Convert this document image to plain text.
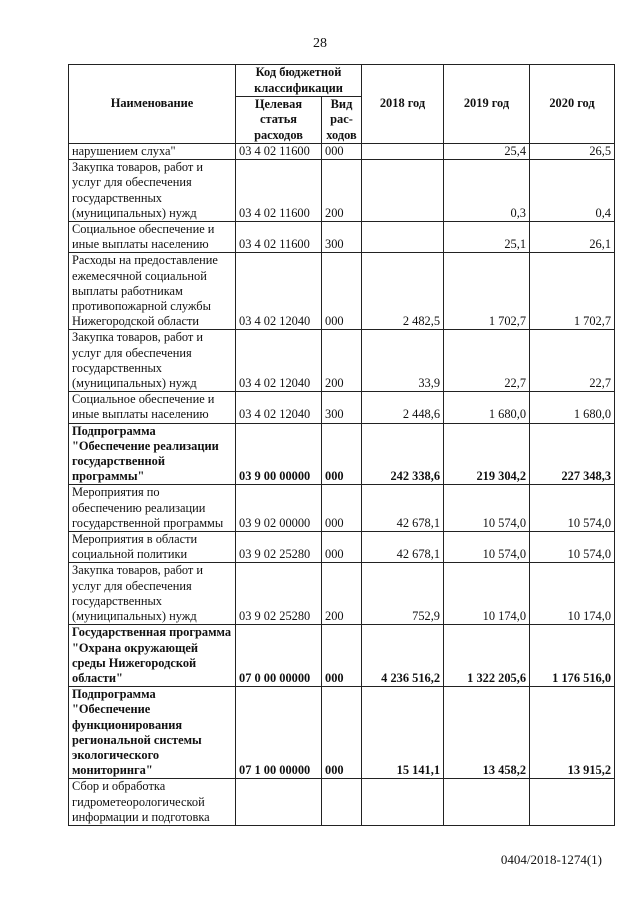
28
Наименование	Код бюджетной классификации		2018 год	2019 год	2020 год
	Целевая статья расходов	Вид рас-ходов			
нарушением слуха"	03 4 02 11600	000		25,4	26,5
Закупка товаров, работ и услуг для обеспечения государственных (муниципальных) нужд	03 4 02 11600	200		0,3	0,4
Социальное обеспечение и иные выплаты населению	03 4 02 11600	300		25,1	26,1
Расходы на предоставление ежемесячной социальной выплаты работникам противопожарной службы Нижегородской области	03 4 02 12040	000	2 482,5	1 702,7	1 702,7
Закупка товаров, работ и услуг для обеспечения государственных (муниципальных) нужд	03 4 02 12040	200	33,9	22,7	22,7
Социальное обеспечение и иные выплаты населению	03 4 02 12040	300	2 448,6	1 680,0	1 680,0
Подпрограмма "Обеспечение реализации государственной программы"	03 9 00 00000	000	242 338,6	219 304,2	227 348,3
Мероприятия по обеспечению реализации государственной программы	03 9 02 00000	000	42 678,1	10 574,0	10 574,0
Мероприятия в области социальной политики	03 9 02 25280	000	42 678,1	10 574,0	10 574,0
Закупка товаров, работ и услуг для обеспечения государственных (муниципальных) нужд	03 9 02 25280	200	752,9	10 174,0	10 174,0
Государственная программа "Охрана окружающей среды Нижегородской области"	07 0 00 00000	000	4 236 516,2	1 322 205,6	1 176 516,0
Подпрограмма "Обеспечение функционирования региональной системы экологического мониторинга"	07 1 00 00000	000	15 141,1	13 458,2	13 915,2
Сбор и обработка гидрометеорологической информации и подготовка					
0404/2018-1274(1)
